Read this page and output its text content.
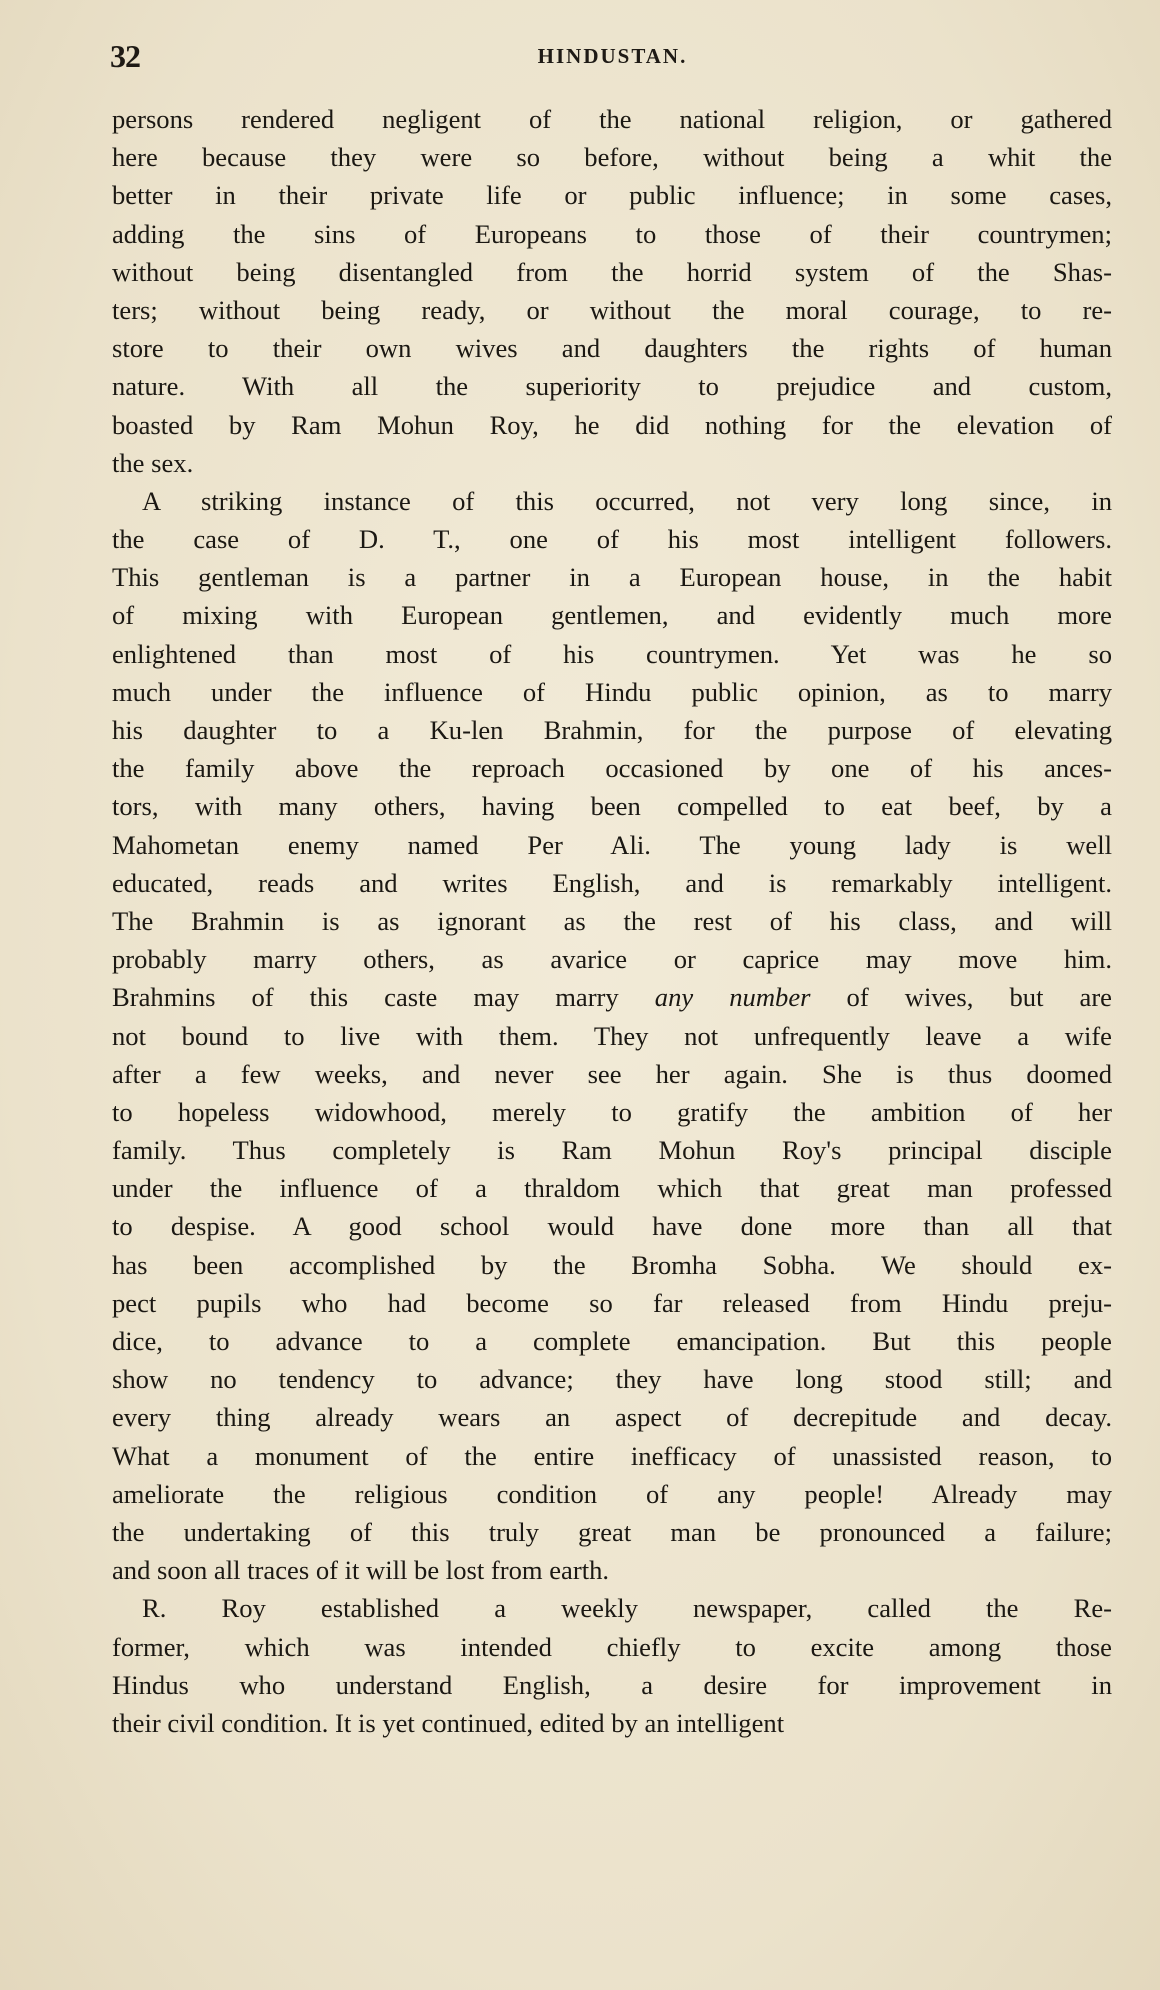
32	HINDUSTAN.
persons rendered negligent of the national religion, or gathered
here because they were so before, without being a whit the
better in their private life or public influence; in some cases,
adding the sins of Europeans to those of their countrymen;
without being disentangled from the horrid system of the Shas-
ters; without being ready, or without the moral courage, to re-
store to their own wives and daughters the rights of human
nature. With all the superiority to prejudice and custom,
boasted by Ram Mohun Roy, he did nothing for the elevation of
the sex.
A striking instance of this occurred, not very long since, in
the case of D. T., one of his most intelligent followers.
This gentleman is a partner in a European house, in the habit
of mixing with European gentlemen, and evidently much more
enlightened than most of his countrymen. Yet was he so
much under the influence of Hindu public opinion, as to marry
his daughter to a Ku-len Brahmin, for the purpose of elevating
the family above the reproach occasioned by one of his ances-
tors, with many others, having been compelled to eat beef, by a
Mahometan enemy named Per Ali. The young lady is well
educated, reads and writes English, and is remarkably intelligent.
The Brahmin is as ignorant as the rest of his class, and will
probably marry others, as avarice or caprice may move him.
Brahmins of this caste may marry any number of wives, but are
not bound to live with them. They not unfrequently leave a wife
after a few weeks, and never see her again. She is thus doomed
to hopeless widowhood, merely to gratify the ambition of her
family. Thus completely is Ram Mohun Roy's principal disciple
under the influence of a thraldom which that great man professed
to despise. A good school would have done more than all that
has been accomplished by the Bromha Sobha. We should ex-
pect pupils who had become so far released from Hindu preju-
dice, to advance to a complete emancipation. But this people
show no tendency to advance; they have long stood still; and
every thing already wears an aspect of decrepitude and decay.
What a monument of the entire inefficacy of unassisted reason, to
ameliorate the religious condition of any people! Already may
the undertaking of this truly great man be pronounced a failure;
and soon all traces of it will be lost from earth.
R. Roy established a weekly newspaper, called the Re-
former, which was intended chiefly to excite among those
Hindus who understand English, a desire for improvement in
their civil condition. It is yet continued, edited by an intelligent
